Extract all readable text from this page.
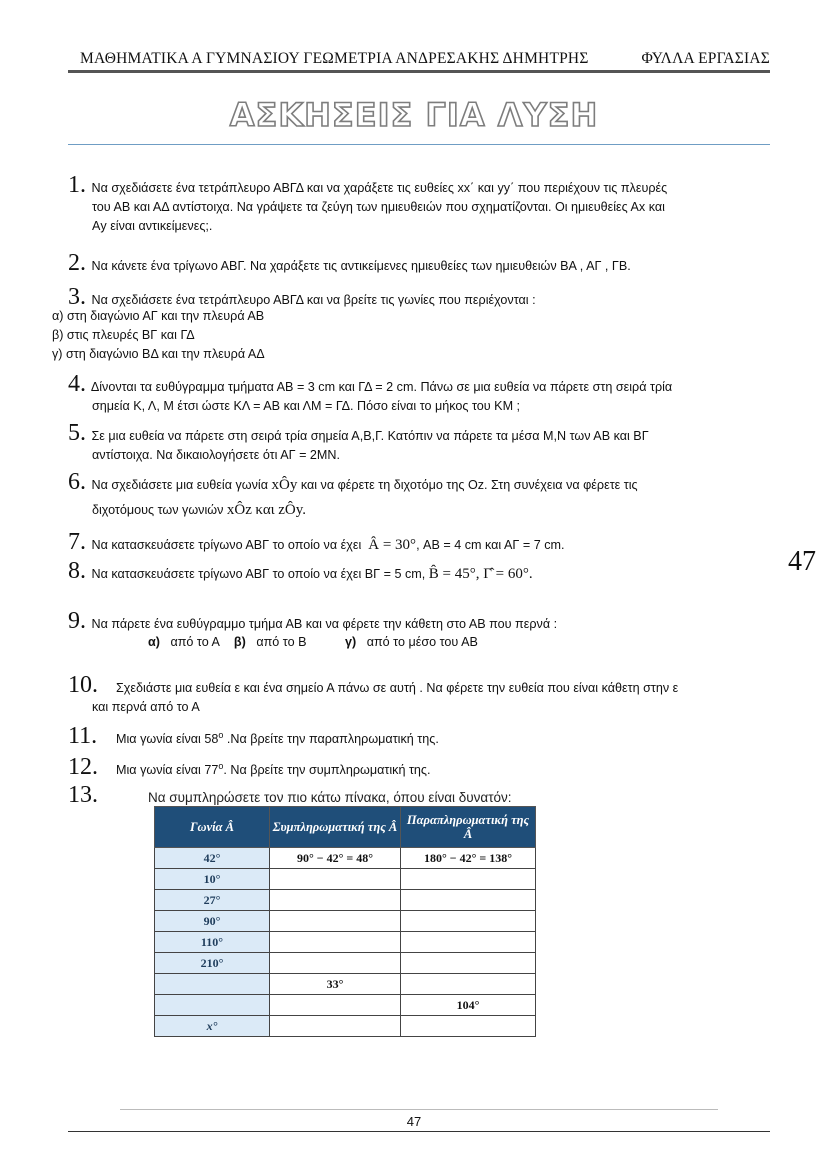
ΜΑΘΗΜΑΤΙΚΑ Α ΓΥΜΝΑΣΙΟΥ ΓΕΩΜΕΤΡΙΑ ΑΝΔΡΕΣΑΚΗΣ ΔΗΜΗΤΡΗΣ	ΦΥΛΛΑ ΕΡΓΑΣΙΑΣ
ΑΣΚΗΣΕΙΣ ΓΙΑ ΛΥΣΗ
1. Να σχεδιάσετε ένα τετράπλευρο ΑΒΓΔ και να χαράξετε τις ευθείες xx΄ και yy΄ που περιέχουν τις πλευρές
του ΑΒ και ΑΔ αντίστοιχα. Να γράψετε τα ζεύγη των ημιευθειών που σχηματίζονται. Οι ημιευθείες Αx και
Αy είναι αντικείμενες;.
2. Να κάνετε ένα τρίγωνο ΑΒΓ. Να χαράξετε τις αντικείμενες ημιευθείες των ημιευθειών ΒΑ , ΑΓ , ΓΒ.
3. Να σχεδιάσετε ένα τετράπλευρο ΑΒΓΔ και να βρείτε τις γωνίες που περιέχονται :
α) στη διαγώνιο ΑΓ και την πλευρά ΑΒ
β) στις πλευρές ΒΓ και ΓΔ
γ) στη διαγώνιο ΒΔ και την πλευρά ΑΔ
4. Δίνονται τα ευθύγραμμα τμήματα ΑΒ = 3 cm και ΓΔ = 2 cm. Πάνω σε μια ευθεία να πάρετε στη σειρά τρία
σημεία Κ, Λ, Μ έτσι ώστε ΚΛ = ΑΒ και ΛΜ = ΓΔ. Πόσο είναι το μήκος του ΚΜ ;
5. Σε μια ευθεία να πάρετε στη σειρά τρία σημεία Α,Β,Γ. Κατόπιν να πάρετε τα μέσα Μ,Ν των ΑΒ και ΒΓ
αντίστοιχα. Να δικαιολογήσετε ότι ΑΓ = 2ΜΝ.
6. Να σχεδιάσετε μια ευθεία γωνία xÔy και να φέρετε τη διχοτόμο της Οz. Στη συνέχεια να φέρετε τις
διχοτόμους των γωνιών xÔz και zÔy.
7. Να κατασκευάσετε τρίγωνο ΑΒΓ το οποίο να έχει Â = 30°, ΑΒ = 4 cm και ΑΓ = 7 cm.
8. Να κατασκευάσετε τρίγωνο ΑΒΓ το οποίο να έχει ΒΓ = 5 cm, B̂ = 45°, Γ̂ = 60°.	47
9. Να πάρετε ένα ευθύγραμμο τμήμα ΑΒ και να φέρετε την κάθετη στο ΑΒ που περνά :
α) από το Α β) από το Β	γ) από το μέσο του ΑΒ
10. Σχεδιάστε μια ευθεία ε και ένα σημείο Α πάνω σε αυτή . Να φέρετε την ευθεία που είναι κάθετη στην ε
και περνά από το Α
11. Μια γωνία είναι $58^o$ .Να βρείτε την παραπληρωματική της.
12. Μια γωνία είναι $77^o$. Να βρείτε την συμπληρωματική της.
13.	Να συμπληρώσετε τον πιο κάτω πίνακα, όπου είναι δυνατόν:
Γωνία Â	Συμπληρωματική της Â	Παραπληρωματική της Â
42°	90° − 42° = 48°	180° − 42° = 138°
10°		
27°		
90°		
110°		
210°		
	33°	
		104°
x°		
47
